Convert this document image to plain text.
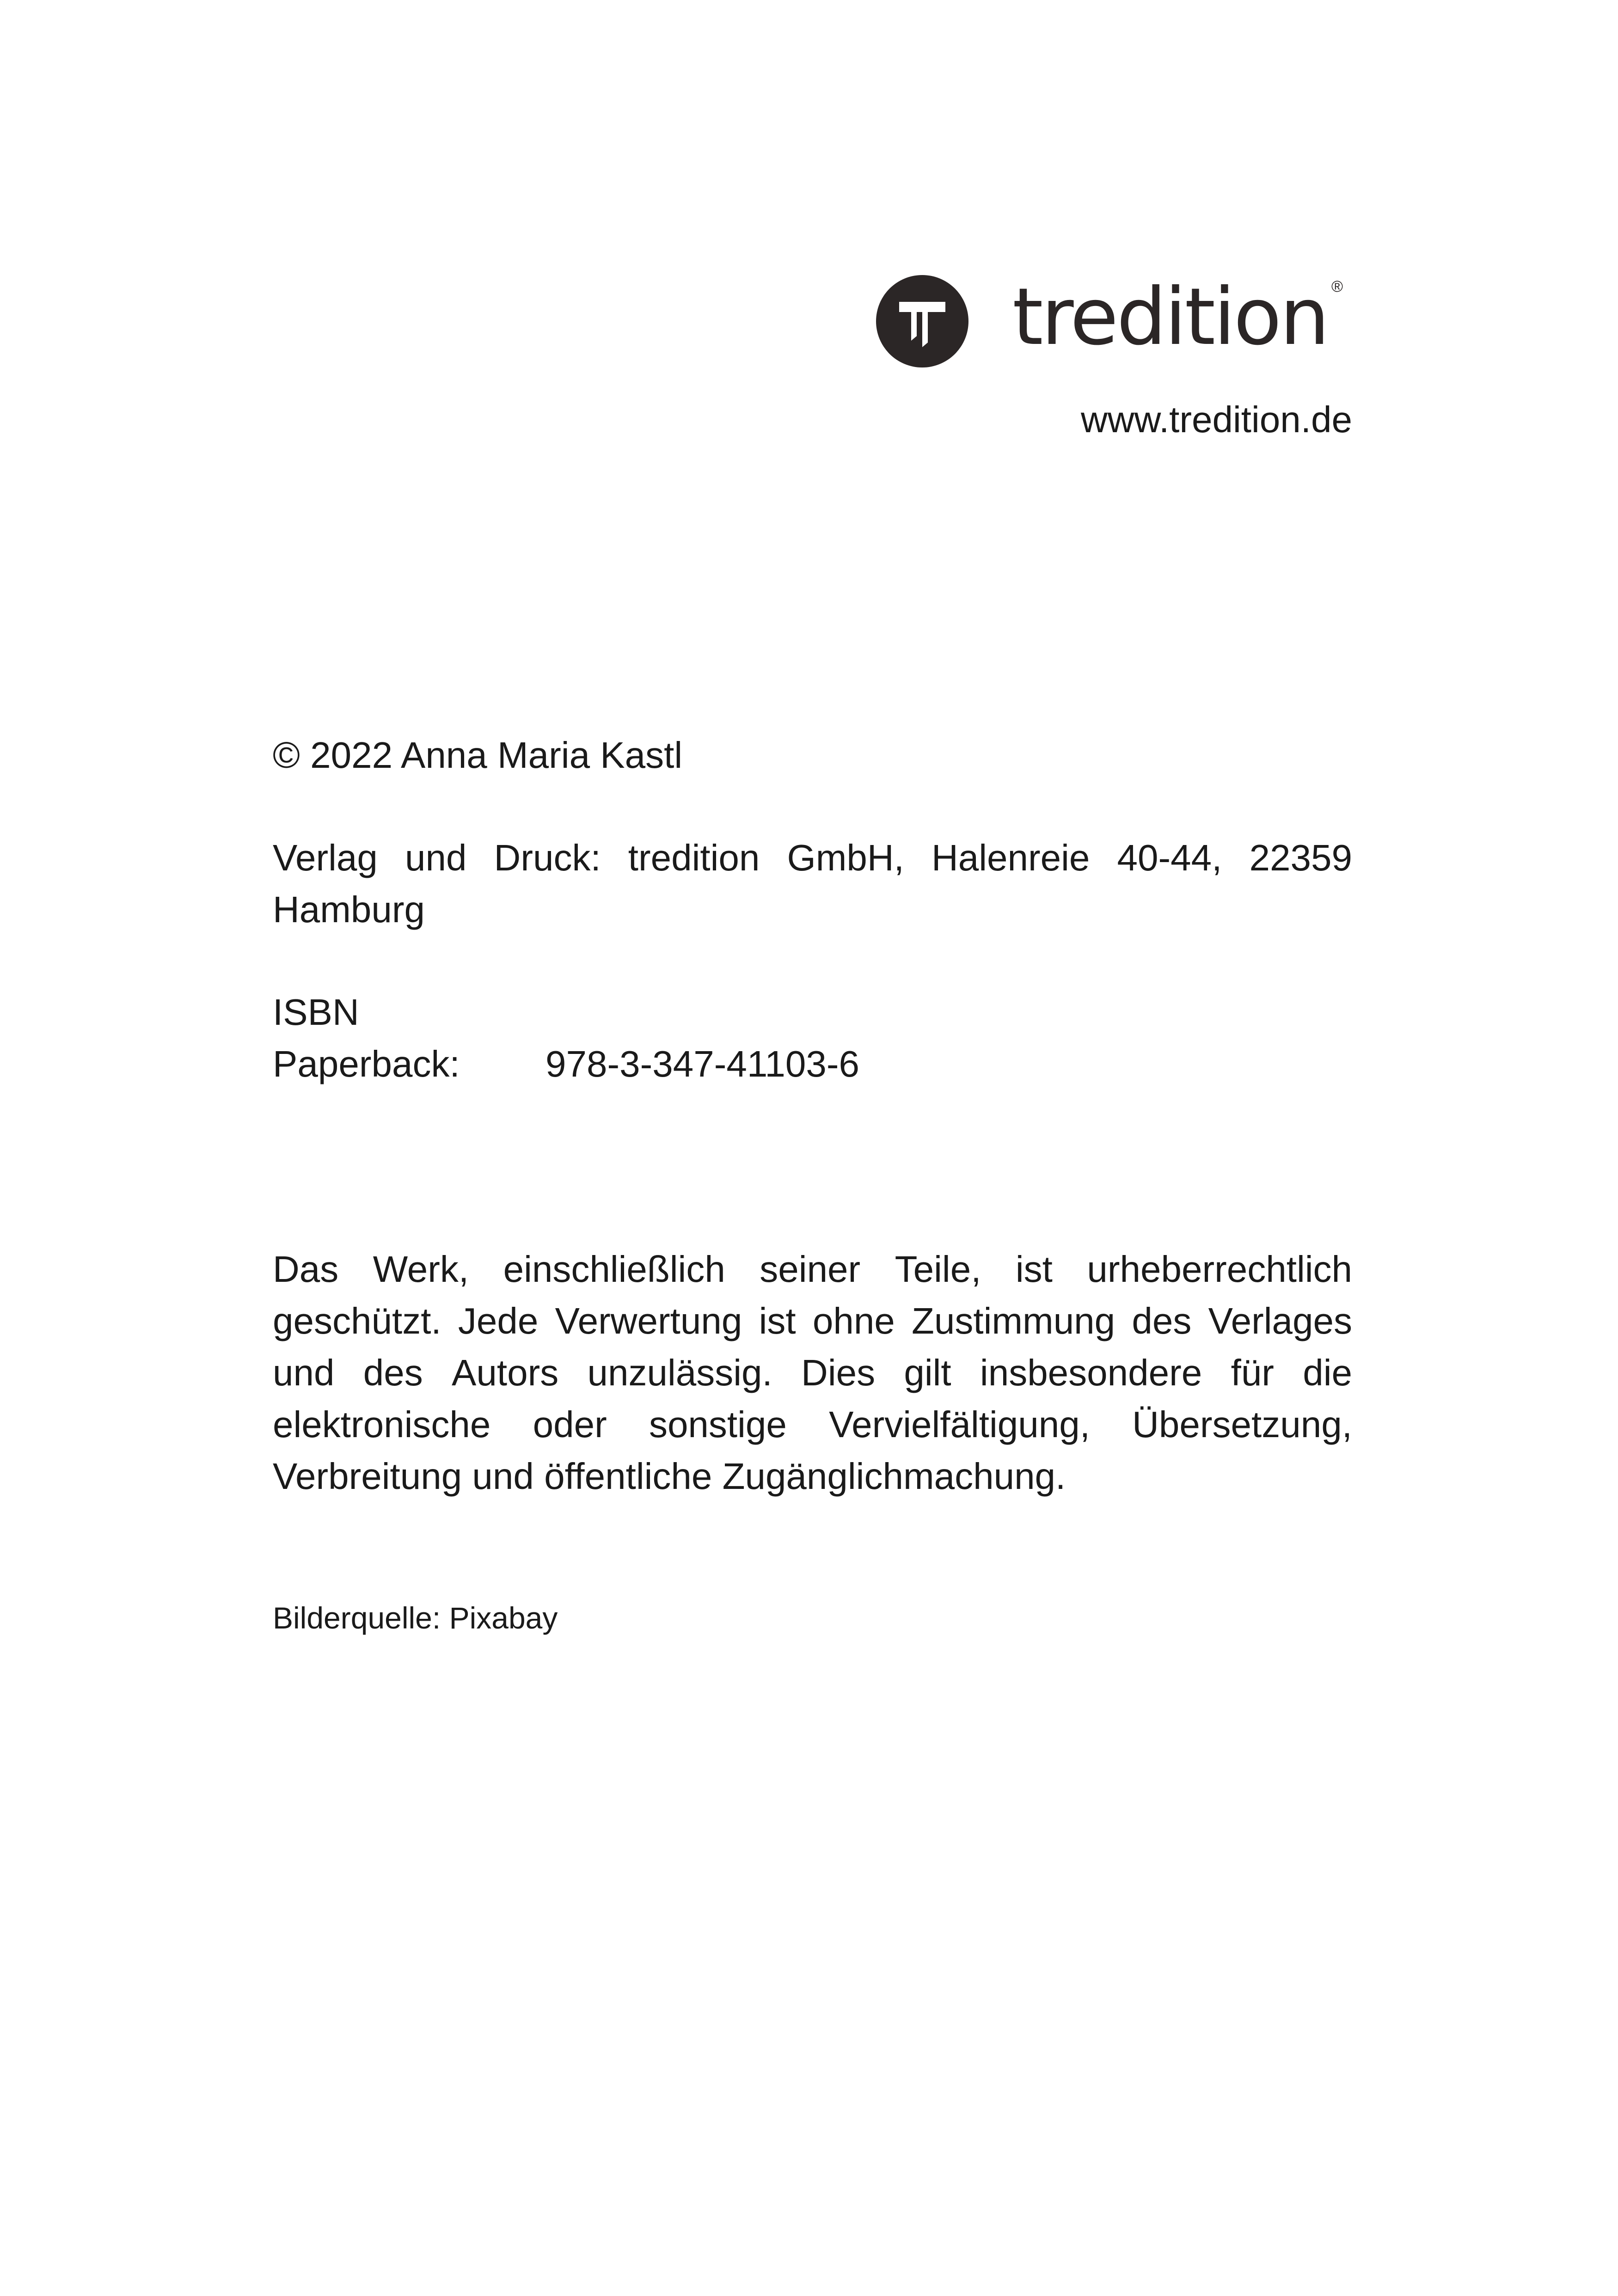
tredition ®
www.tredition.de
© 2022 Anna Maria Kastl
Verlag und Druck: tredition GmbH, Halenreie 40-44, 22359
Hamburg
ISBN
Paperback:	978-3-347-41103-6
Das Werk, einschließlich seiner Teile, ist urheberrechtlich
geschützt. Jede Verwertung ist ohne Zustimmung des Verlages
und des Autors unzulässig. Dies gilt insbesondere für die
elektronische oder sonstige Vervielfältigung, Übersetzung,
Verbreitung und öffentliche Zugänglichmachung.
Bilderquelle: Pixabay
